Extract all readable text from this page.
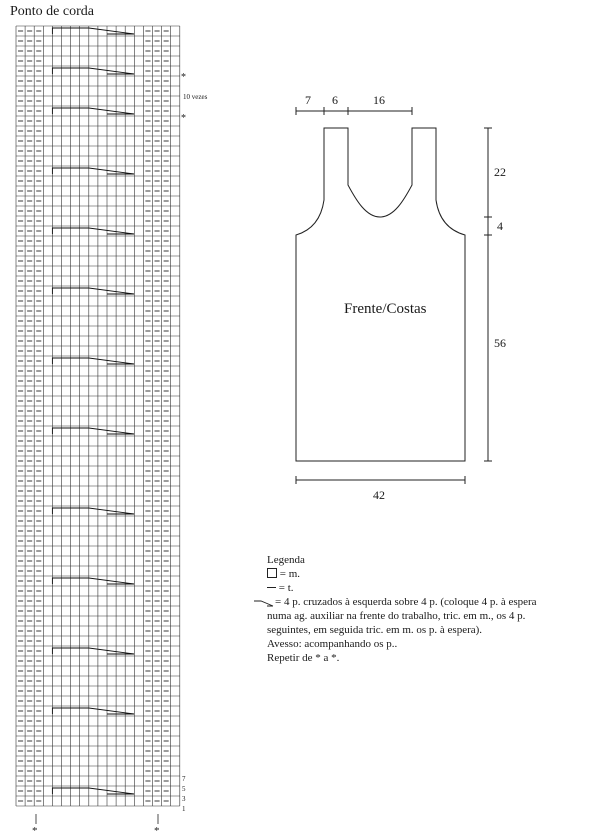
Ponto de corda
*
10 vezes
*
7
5
3
1
*	*
7 6	16
22
4
56
42
Frente/Costas
Legenda
= m.
= t.
= 4 p. cruzados à esquerda sobre 4 p. (coloque 4 p. à espera
numa ag. auxiliar na frente do trabalho, tric. em m., os 4 p.
seguintes, em seguida tric. em m. os p. à espera).
Avesso: acompanhando os p..
Repetir de * a *.
